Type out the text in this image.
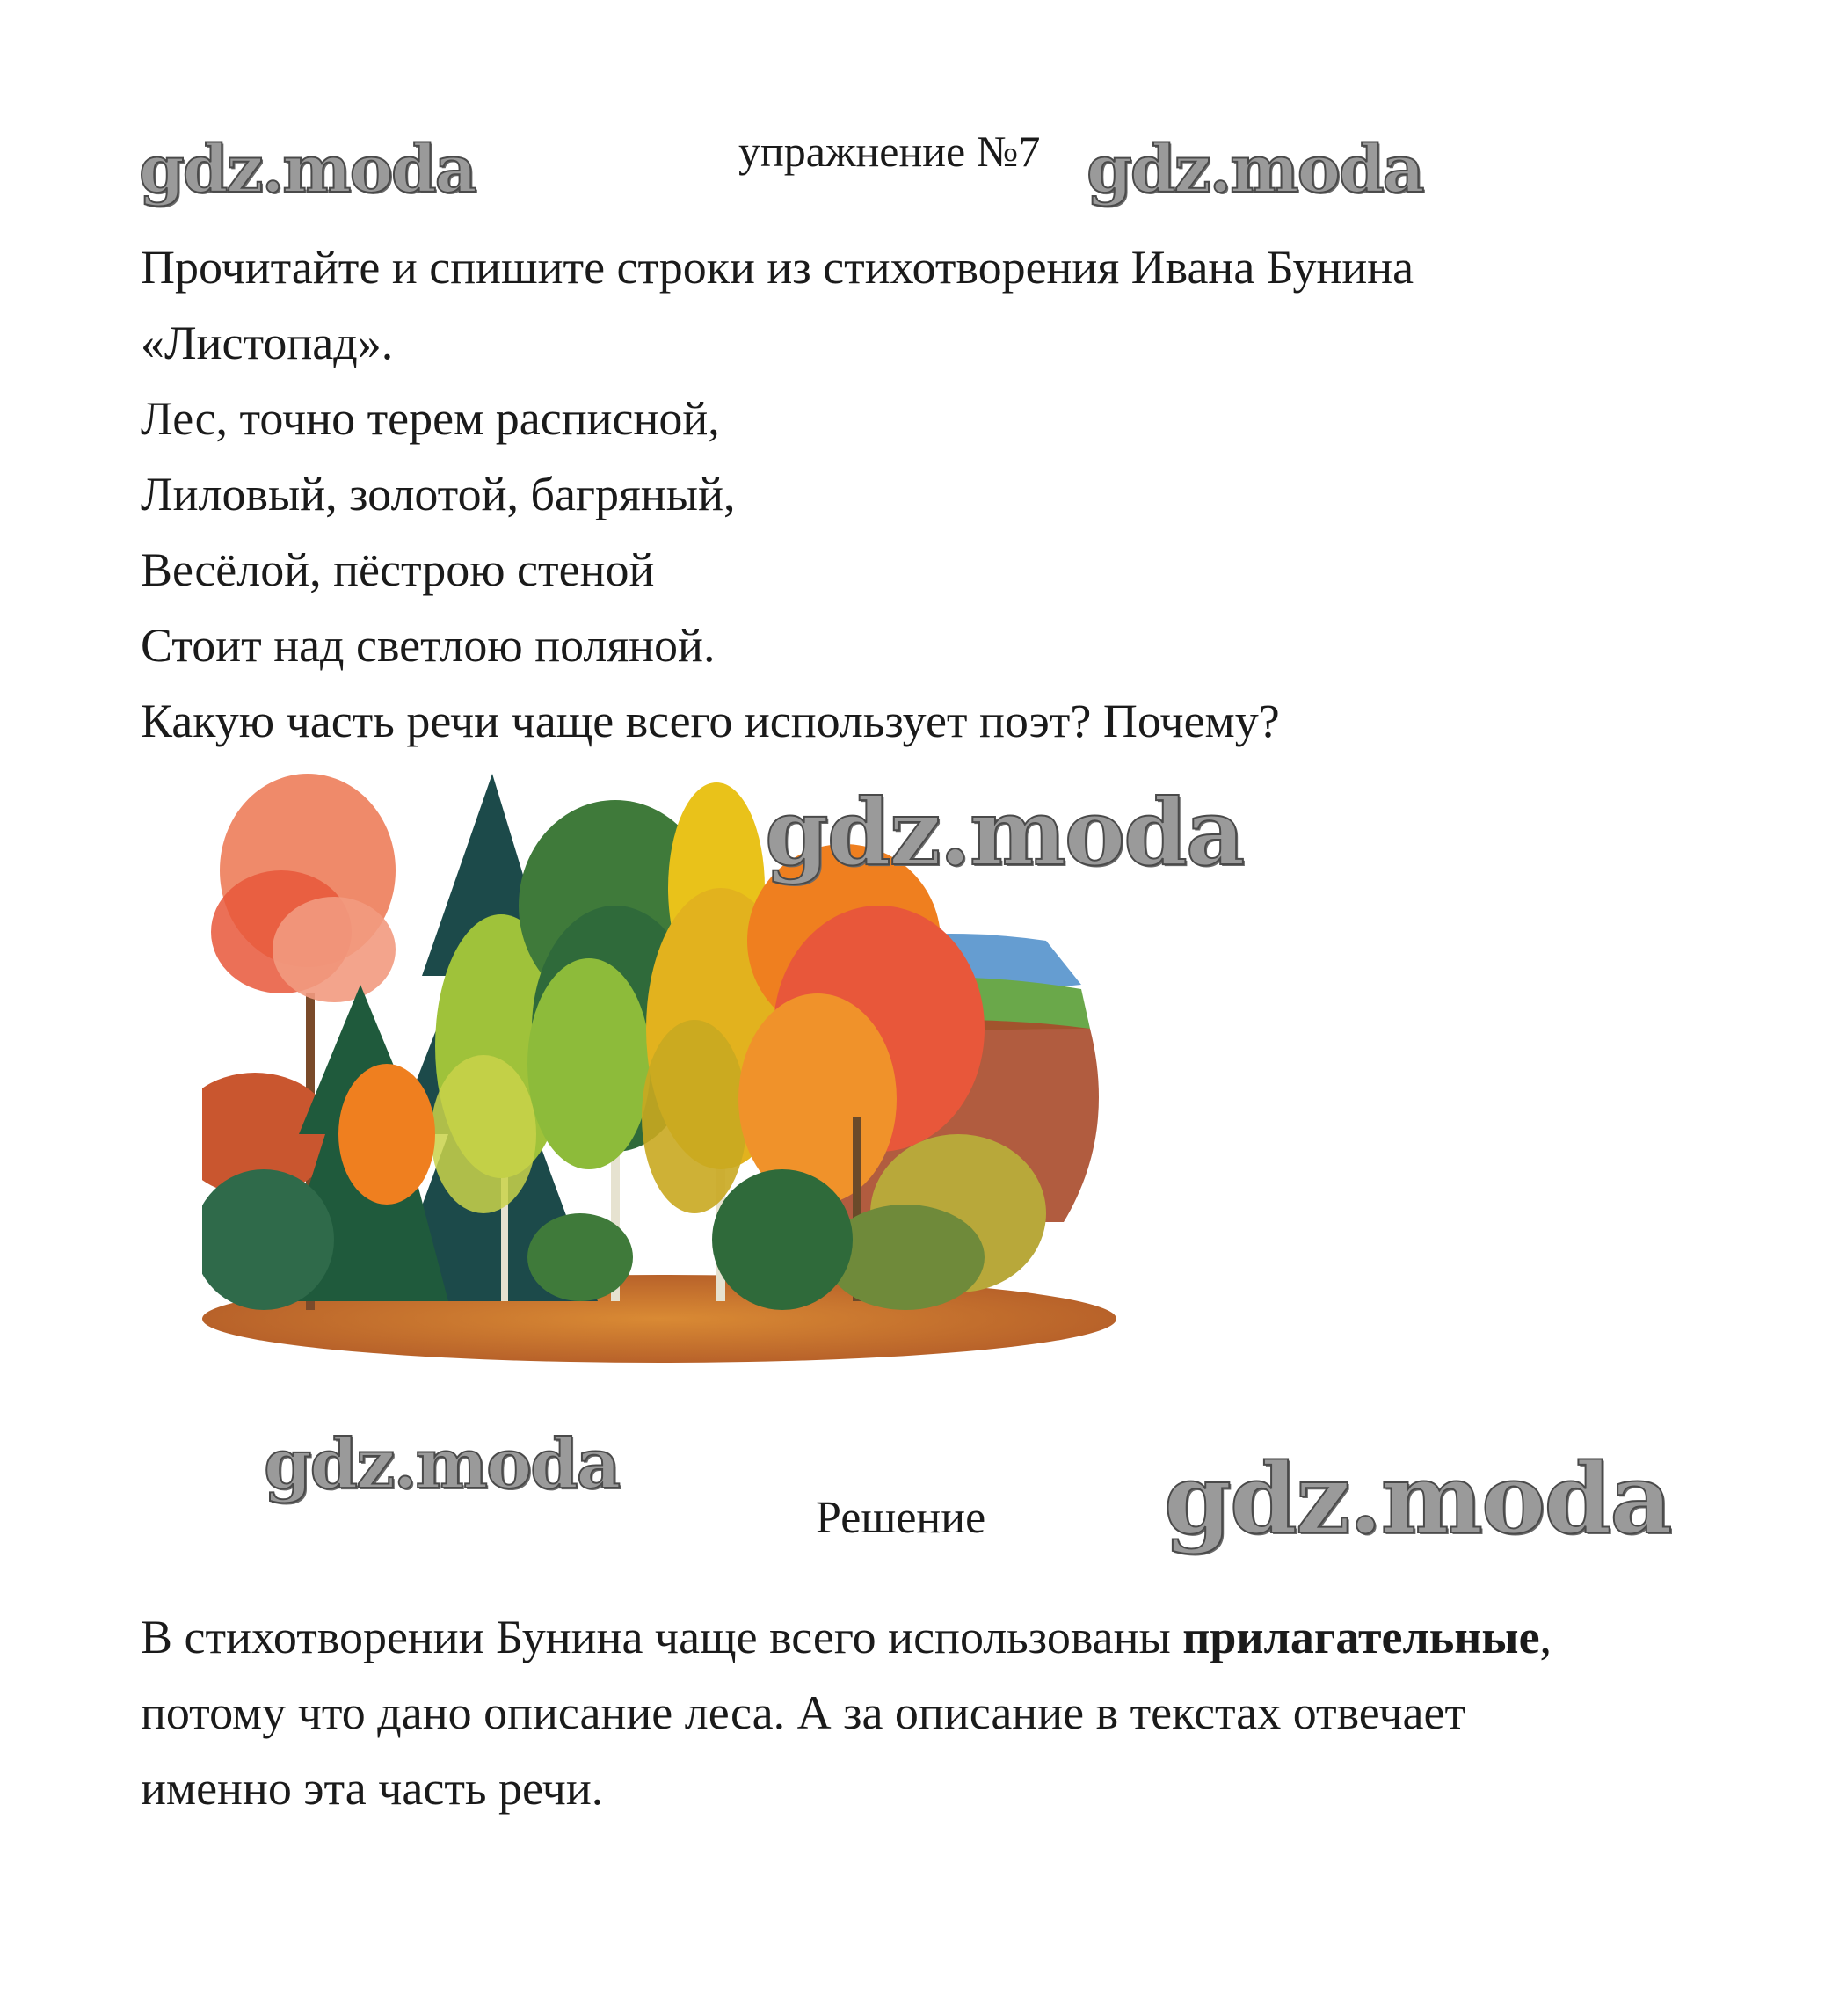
упражнение №7
gdz.moda	gdz.moda
Прочитайте и спишите строки из стихотворения Ивана Бунина
«Листопад».
Лес, точно терем расписной,
Лиловый, золотой, багряный,
Весёлой, пёстрою стеной
Стоит над светлою поляной.
Какую часть речи чаще всего использует поэт? Почему?
gdz.moda
gdz.moda
Решение gdz.moda
В стихотворении Бунина чаще всего использованы прилагательные,
потому что дано описание леса. А за описание в текстах отвечает
именно эта часть речи.
